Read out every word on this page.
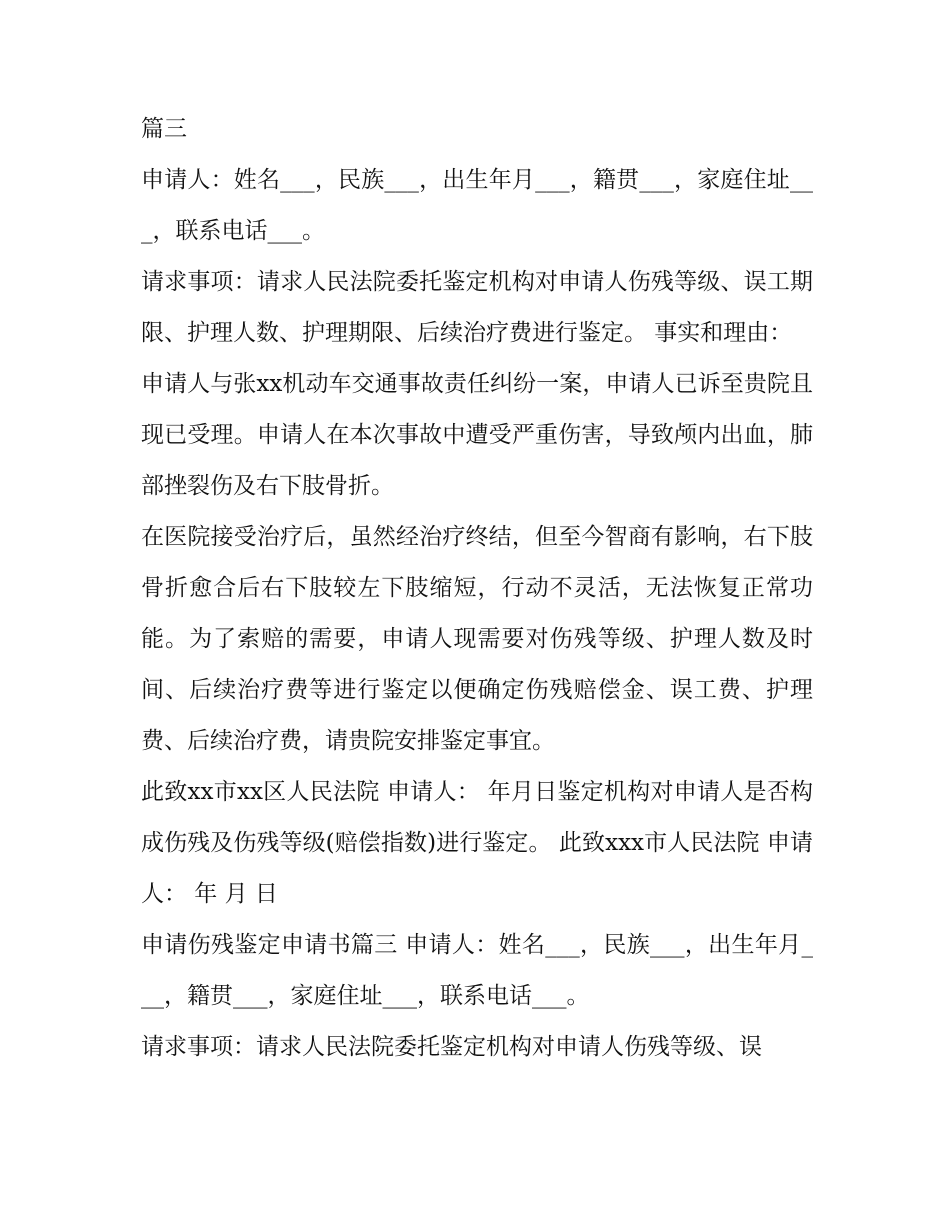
篇三

申请人：姓名___，民族___，出生年月___，籍贯___，家庭住址___，联系电话___。

请求事项：请求人民法院委托鉴定机构对申请人伤残等级、误工期限、护理人数、护理期限、后续治疗费进行鉴定。 事实和理由：

申请人与张xx机动车交通事故责任纠纷一案，申请人已诉至贵院且现已受理。申请人在本次事故中遭受严重伤害，导致颅内出血，肺部挫裂伤及右下肢骨折。

在医院接受治疗后，虽然经治疗终结，但至今智商有影响，右下肢骨折愈合后右下肢较左下肢缩短，行动不灵活，无法恢复正常功能。为了索赔的需要，申请人现需要对伤残等级、护理人数及时间、后续治疗费等进行鉴定以便确定伤残赔偿金、误工费、护理费、后续治疗费，请贵院安排鉴定事宜。

此致xx市xx区人民法院 申请人： 年月日鉴定机构对申请人是否构成伤残及伤残等级(赔偿指数)进行鉴定。 此致xxx市人民法院 申请人： 年 月 日

申请伤残鉴定申请书篇三 申请人：姓名___，民族___，出生年月___，籍贯___，家庭住址___，联系电话___。

请求事项：请求人民法院委托鉴定机构对申请人伤残等级、误
